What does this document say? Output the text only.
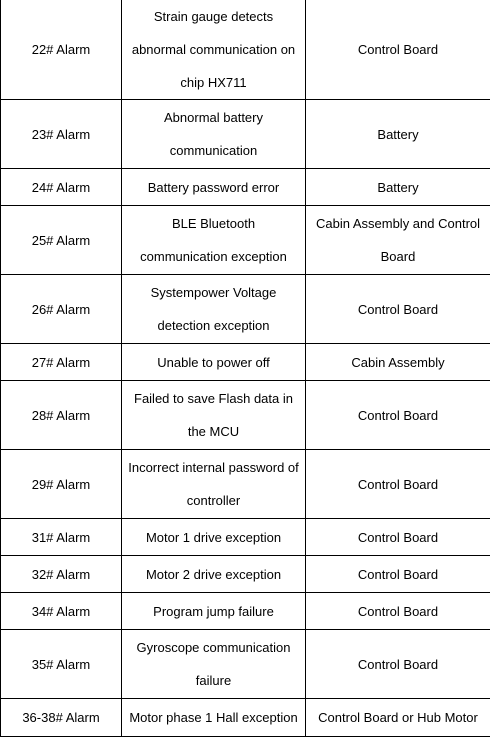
22# Alarm	Strain gauge detects abnormal communication on chip HX711	Control Board
23# Alarm	Abnormal battery communication	Battery
24# Alarm	Battery password error	Battery
25# Alarm	BLE Bluetooth communication exception	Cabin Assembly and Control Board
26# Alarm	Systempower Voltage detection exception	Control Board
27# Alarm	Unable to power off	Cabin Assembly
28# Alarm	Failed to save Flash data in the MCU	Control Board
29# Alarm	Incorrect internal password of controller	Control Board
31# Alarm	Motor 1 drive exception	Control Board
32# Alarm	Motor 2 drive exception	Control Board
34# Alarm	Program jump failure	Control Board
35# Alarm	Gyroscope communication failure	Control Board
36-38# Alarm	Motor phase 1 Hall exception	Control Board or Hub Motor
